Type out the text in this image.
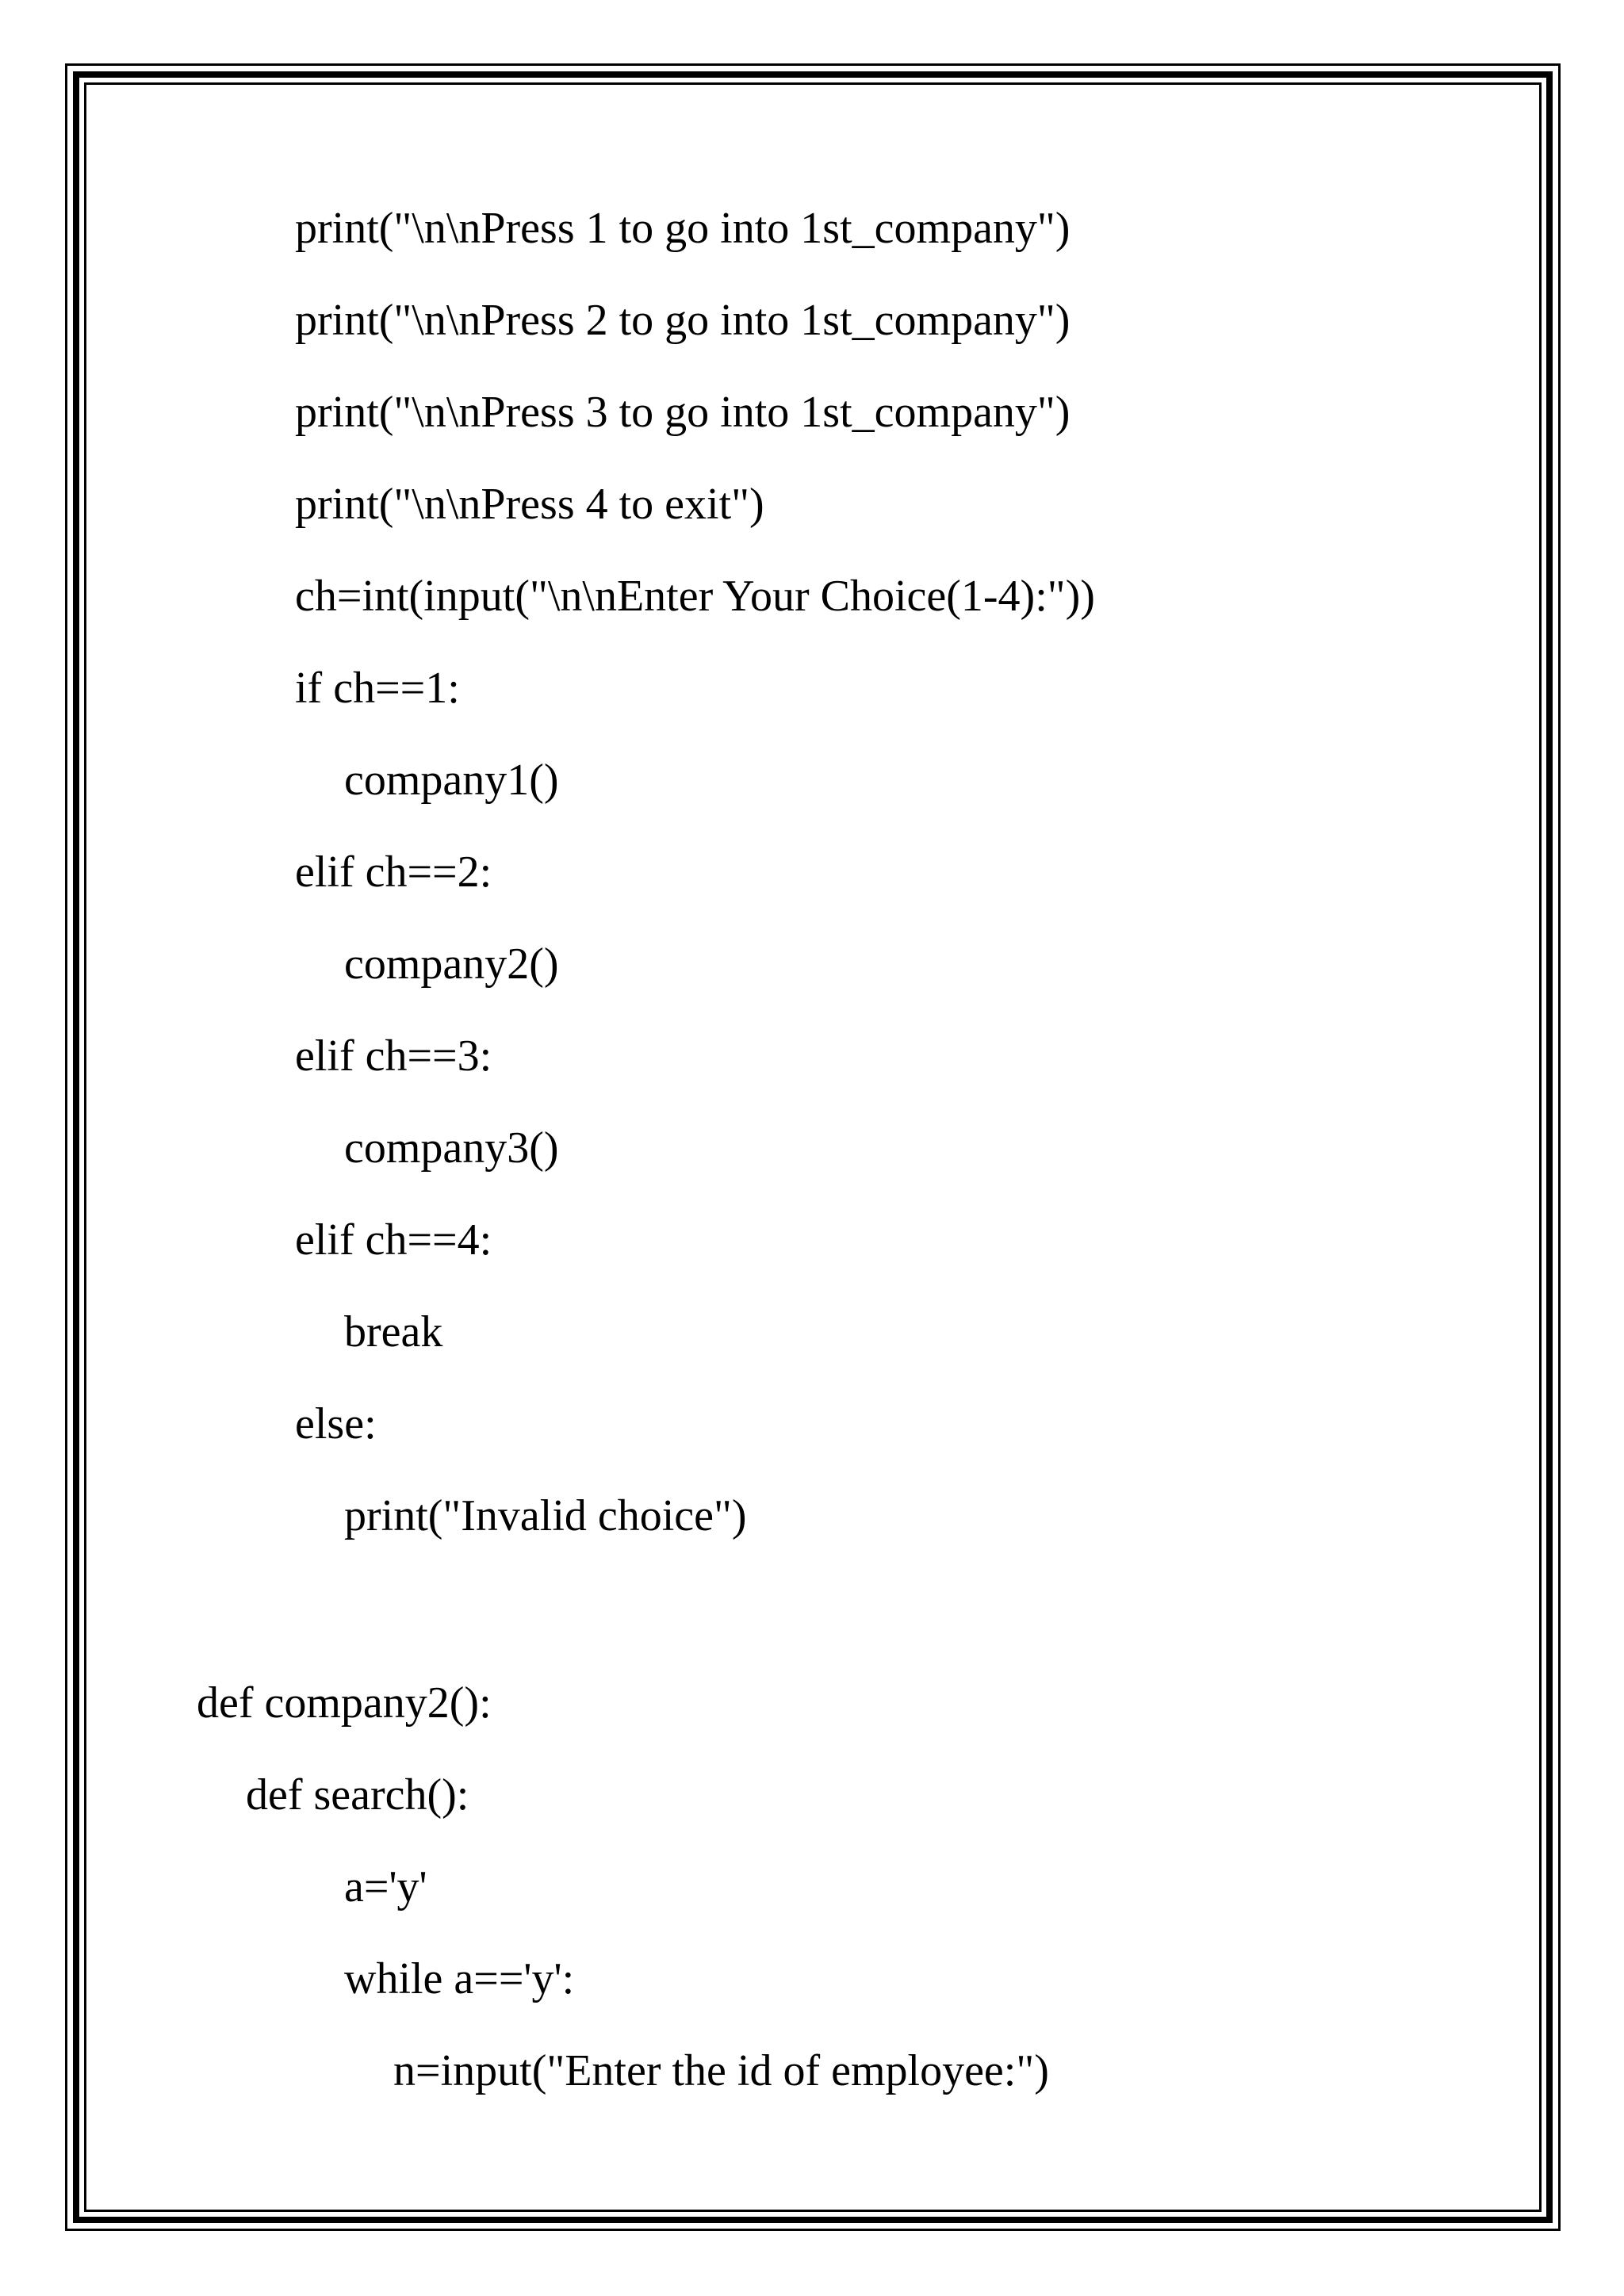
print("\n\nPress 1 to go into 1st_company")
print("\n\nPress 2 to go into 1st_company")
print("\n\nPress 3 to go into 1st_company")
print("\n\nPress 4 to exit")
ch=int(input("\n\nEnter Your Choice(1-4):"))
if ch==1:
company1()
elif ch==2:
company2()
elif ch==3:
company3()
elif ch==4:
break
else:
print("Invalid choice")
def company2():
def search():
a='y'
while a=='y':
n=input("Enter the id of employee:")
